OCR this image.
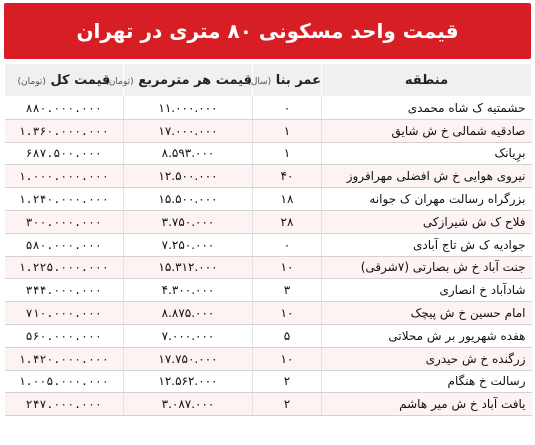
قیمت واحد مسکونی ۸۰ متری در تهران
منطقه	عمر بنا (سال)	قیمت هر مترمربع (تومان)	قیمت کل (تومان)
حشمتیه ک شاه محمدی	۰	۱۱.۰۰۰.۰۰۰	۸۸۰.۰۰۰.۰۰۰
صادقیه شمالی خ ش شایق	۱	۱۷.۰۰۰.۰۰۰	۱.۳۶۰.۰۰۰.۰۰۰
برِیانک	۱	۸.۵۹۳.۰۰۰	۶۸۷.۵۰۰.۰۰۰
نیروی هوایی خ ش افضلی مهرافروز	۴۰	۱۲.۵۰۰.۰۰۰	۱.۰۰۰.۰۰۰.۰۰۰
بزرگراه رسالت مهران ک جوانه	۱۸	۱۵.۵۰۰.۰۰۰	۱.۲۴۰.۰۰۰.۰۰۰
فلاح ک ش شیرازکی	۲۸	۳.۷۵۰.۰۰۰	۳۰۰.۰۰۰.۰۰۰
جوادیه ک ش تاج آبادی	۰	۷.۲۵۰.۰۰۰	۵۸۰.۰۰۰.۰۰۰
جنت آباد خ ش بصارتی (۷شرقی)	۱۰	۱۵.۳۱۲.۰۰۰	۱.۲۲۵.۰۰۰.۰۰۰
شادآباد خ انصاری	۳	۴.۳۰۰.۰۰۰	۳۴۴.۰۰۰.۰۰۰
امام حسین خ ش پیچک	۱۰	۸.۸۷۵.۰۰۰	۷۱۰.۰۰۰.۰۰۰
هفده شهریور بر ش محلاتی	۵	۷.۰۰۰.۰۰۰	۵۶۰.۰۰۰.۰۰۰
زرگنده خ ش حیدری	۱۰	۱۷.۷۵۰.۰۰۰	۱.۴۲۰.۰۰۰.۰۰۰
رسالت خ هنگام	۲	۱۲.۵۶۲.۰۰۰	۱.۰۰۵.۰۰۰.۰۰۰
یافت آباد خ ش میر هاشم	۲	۳.۰۸۷.۰۰۰	۲۴۷.۰۰۰.۰۰۰
